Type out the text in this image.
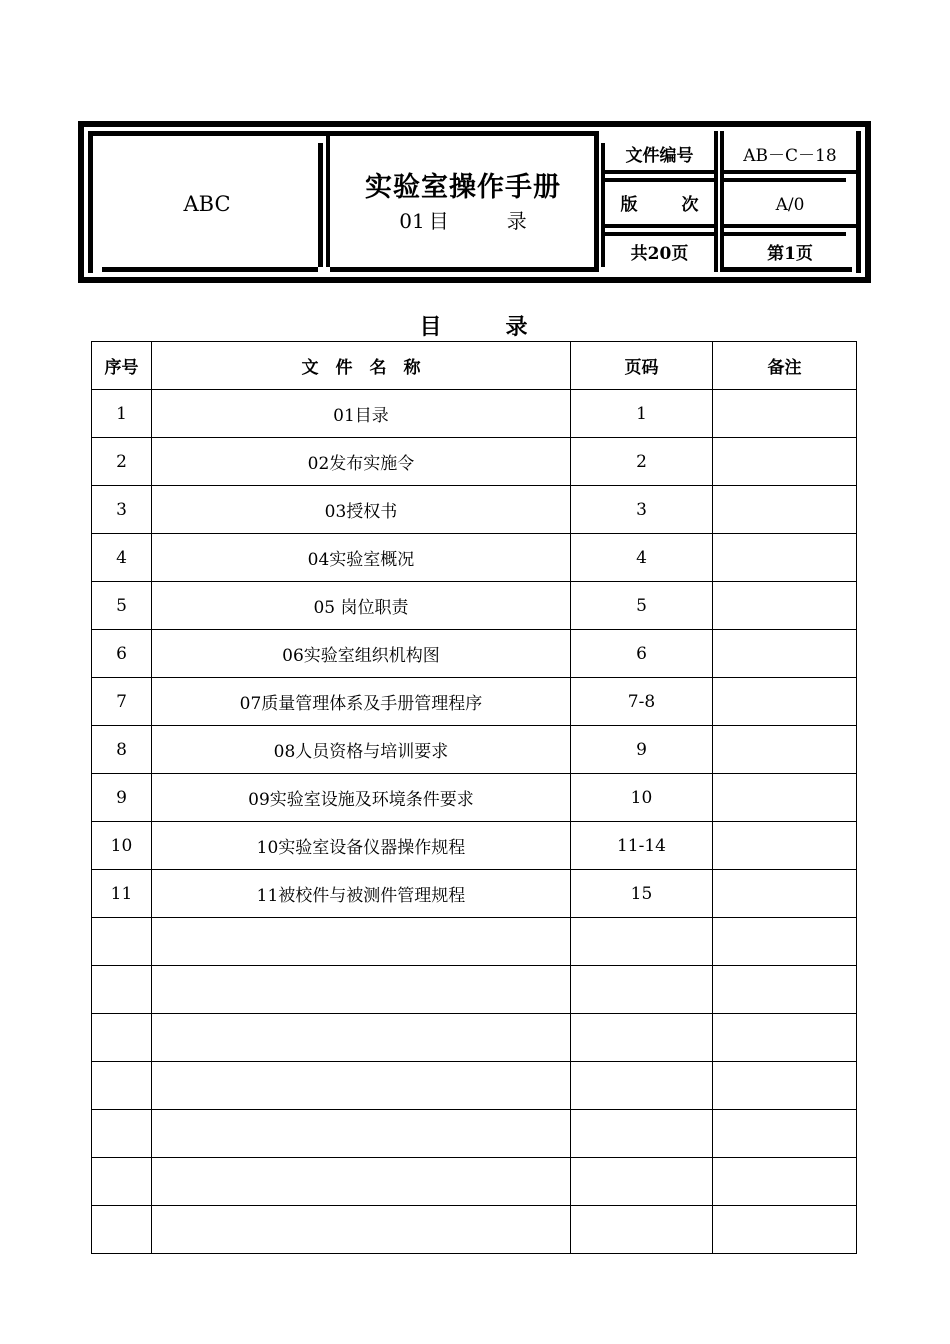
ABC
实验室操作手册
01 目	录
文件编号	AB－C－18
版	次	A/0
共20页	第1页
目	录
序号	文　件　名　称	页码	备注
1	01目录	1	
2	02发布实施令	2	
3	03授权书	3	
4	04实验室概况	4	
5	05 岗位职责	5	
6	06实验室组织机构图	6	
7	07质量管理体系及手册管理程序	7-8	
8	08人员资格与培训要求	9	
9	09实验室设施及环境条件要求	10	
10	10实验室设备仪器操作规程	11-14	
11	11被校件与被测件管理规程	15	
